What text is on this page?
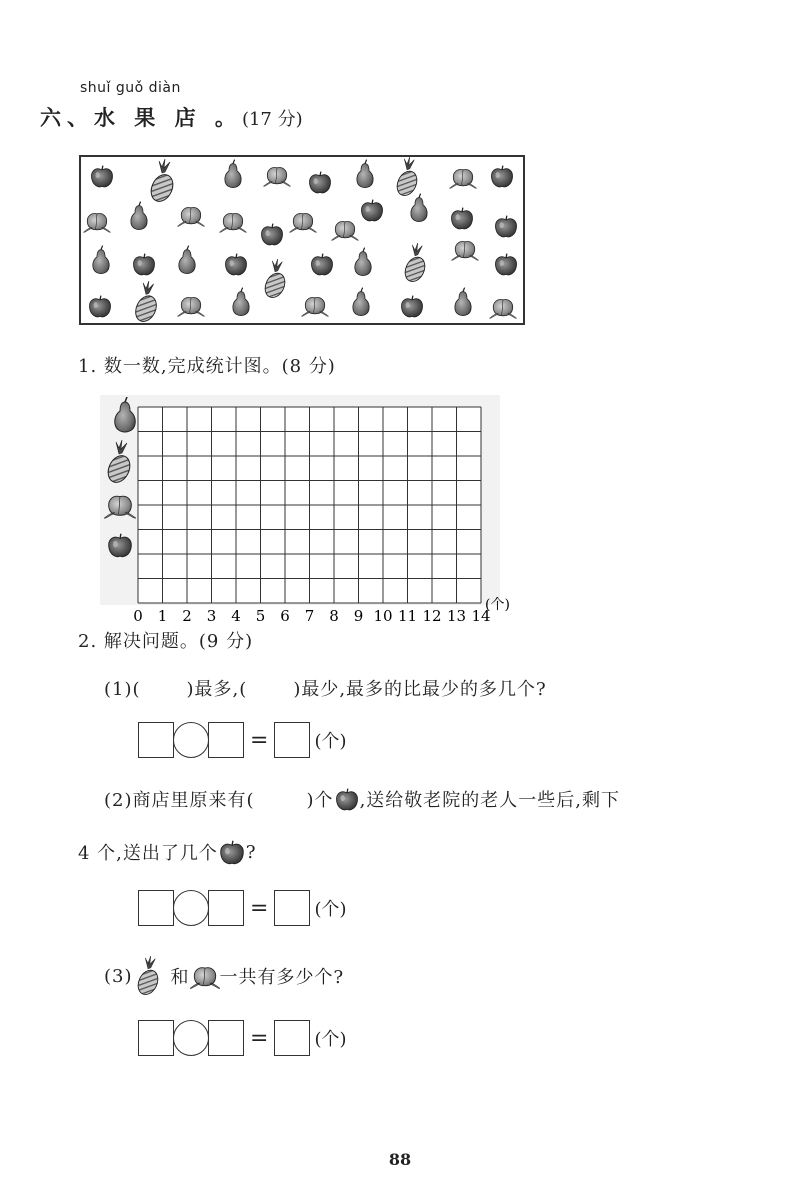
shuǐ guǒ diàn
六、水 果 店 。(17 分)
1. 数一数,完成统计图。(8 分)
0 1 2 3 4 5 6 7 8 9 10 11 12 13 14
(个)
2. 解决问题。(9 分)
(1)(	)最多,(	)最少,最多的比最少的多几个?
=	(个)
(2)商店里原来有(	)个 ,送给敬老院的老人一些后,剩下
4 个,送出了几个 ?
=	(个)
(3) 和 一共有多少个?
=	(个)
88
